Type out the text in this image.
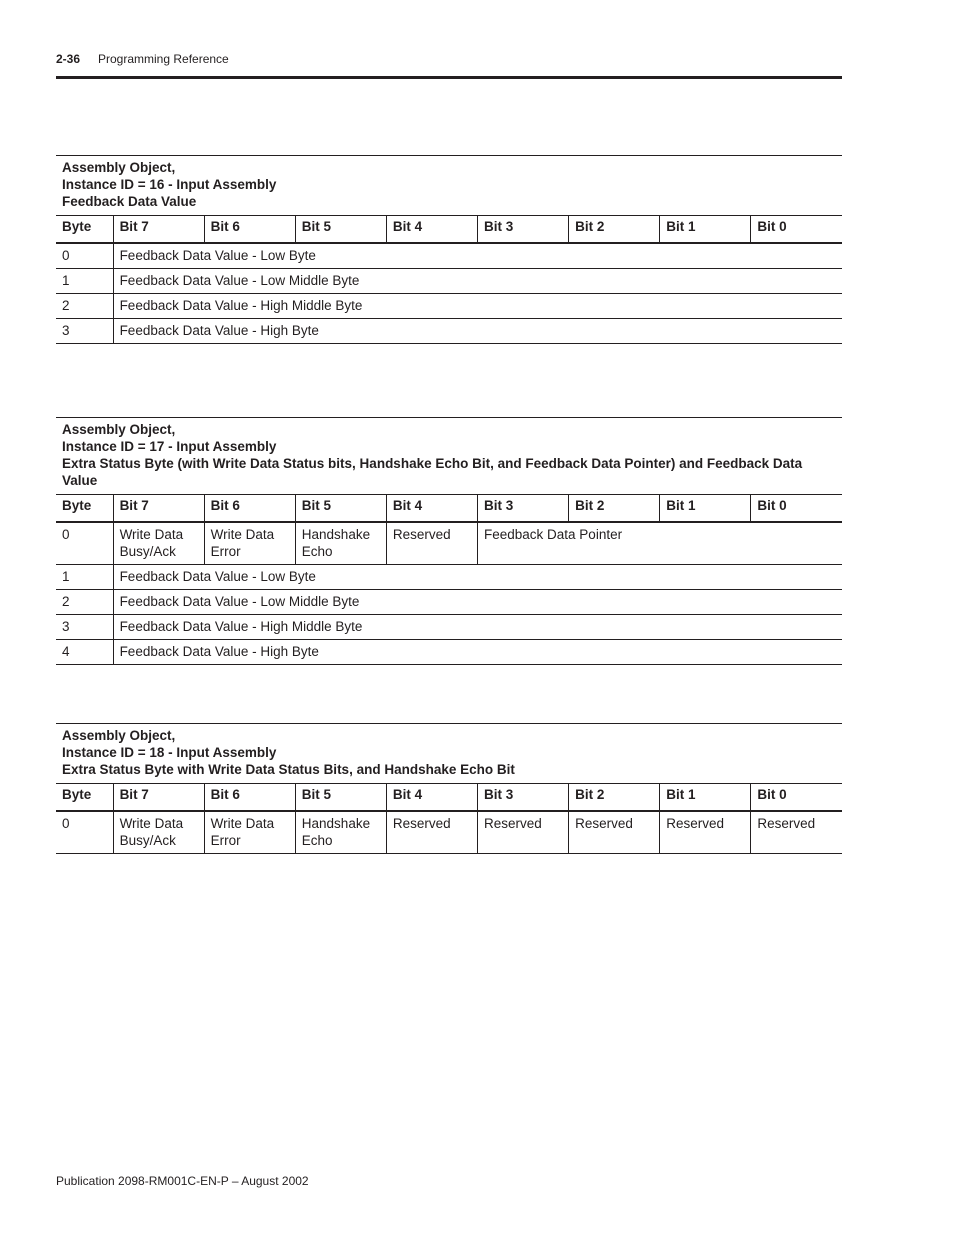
2-36 Programming Reference
Assembly Object,
Instance ID = 16 - Input Assembly
Feedback Data Value
Byte	Bit 7	Bit 6	Bit 5	Bit 4	Bit 3	Bit 2	Bit 1	Bit 0
0	Feedback Data Value - Low Byte							
1	Feedback Data Value - Low Middle Byte							
2	Feedback Data Value - High Middle Byte							
3	Feedback Data Value - High Byte							
Assembly Object,
Instance ID = 17 - Input Assembly
Extra Status Byte (with Write Data Status bits, Handshake Echo Bit, and Feedback Data Pointer) and Feedback Data Value
Byte	Bit 7	Bit 6	Bit 5	Bit 4	Bit 3	Bit 2	Bit 1	Bit 0
0	Write Data Busy/Ack	Write Data Error	Handshake Echo	Reserved	Feedback Data Pointer			
1	Feedback Data Value - Low Byte							
2	Feedback Data Value - Low Middle Byte							
3	Feedback Data Value - High Middle Byte							
4	Feedback Data Value - High Byte							
Assembly Object,
Instance ID = 18 - Input Assembly
Extra Status Byte with Write Data Status Bits, and Handshake Echo Bit
Byte	Bit 7	Bit 6	Bit 5	Bit 4	Bit 3	Bit 2	Bit 1	Bit 0
0	Write Data Busy/Ack	Write Data Error	Handshake Echo	Reserved	Reserved	Reserved	Reserved	Reserved
Publication 2098-RM001C-EN-P – August 2002
